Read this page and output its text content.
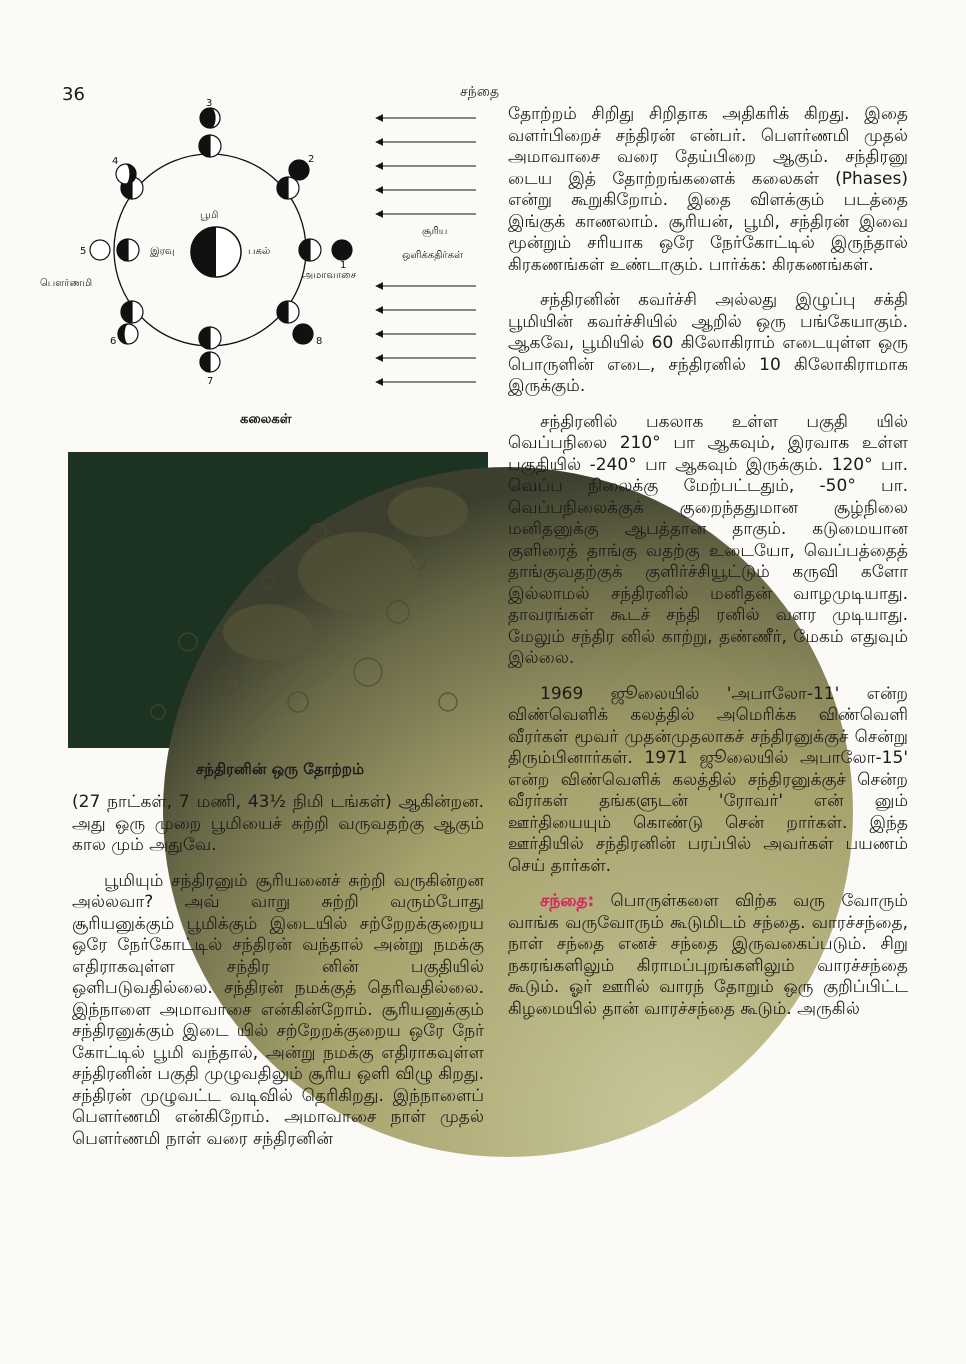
36	சந்தை
1
2
3
4
5
6
7
8
பூமி
இரவு	பகல்
பௌர்ணமி
அமாவாசை
சூரிய
ஒளிக்கதிர்கள்
கலைகள்
சந்திரனின் ஒரு தோற்றம்

(27 நாட்கள், 7 மணி, 43½ நிமி டங்கள்) ஆகின்றன. அது ஒரு முறை பூமியைச் சுற்றி வருவதற்கு ஆகும் கால மும் அதுவே.

பூமியும் சந்திரனும் சூரியனைச் சுற்றி வருகின்றன அல்லவா? அவ் வாறு சுற்றி வரும்போது சூரியனுக்கும் பூமிக்கும் இடையில் சற்றேறக்குறைய ஒரே நேர்கோட்டில் சந்திரன் வந்தால் அன்று நமக்கு எதிராகவுள்ள சந்திர னின் பகுதியில் ஒளிபடுவதில்லை. சந்திரன் நமக்குத் தெரிவதில்லை. இந்நாளை அமாவாசை என்கின்றோம். சூரியனுக்கும் சந்திரனுக்கும் இடை யில் சற்றேறக்குறைய ஒரே நேர் கோட்டில் பூமி வந்தால், அன்று நமக்கு எதிராகவுள்ள சந்திரனின் பகுதி முழுவதிலும் சூரிய ஒளி விழு கிறது. சந்திரன் முழுவட்ட வடிவில் தெரிகிறது. இந்நாளைப் பௌர்ணமி என்கிறோம். அமாவாசை நாள் முதல் பௌர்ணமி நாள் வரை சந்திரனின்

தோற்றம் சிறிது சிறிதாக அதிகரிக் கிறது. இதை வளர்பிறைச் சந்திரன் என்பர். பௌர்ணமி முதல் அமாவாசை வரை தேய்பிறை ஆகும். சந்திரனு டைய இத் தோற்றங்களைக் கலைகள் (Phases) என்று கூறுகிறோம். இதை விளக்கும் படத்தை இங்குக் காணலாம். சூரியன், பூமி, சந்திரன் இவை மூன்றும் சரியாக ஒரே நேர்கோட்டில் இருந்தால் கிரகணங்கள் உண்டாகும். பார்க்க: கிரகணங்கள்.

சந்திரனின் கவர்ச்சி அல்லது இழுப்பு சக்தி பூமியின் கவர்ச்சியில் ஆறில் ஒரு பங்கேயாகும். ஆகவே, பூமியில் 60 கிலோகிராம் எடையுள்ள ஒரு பொருளின் எடை, சந்திரனில் 10 கிலோகிராமாக இருக்கும்.

சந்திரனில் பகலாக உள்ள பகுதி யில் வெப்பநிலை 210° பா ஆகவும், இரவாக உள்ள பகுதியில் -240° பா ஆகவும் இருக்கும். 120° பா. வெப்ப நிலைக்கு மேற்பட்டதும், -50° பா. வெப்பநிலைக்குக் குறைந்ததுமான சூழ்நிலை மனிதனுக்கு ஆபத்தான தாகும். கடுமையான குளிரைத் தாங்கு வதற்கு உடையோ, வெப்பத்தைத் தாங்குவதற்குக் குளிர்ச்சியூட்டும் கருவி களோ இல்லாமல் சந்திரனில் மனிதன் வாழமுடியாது. தாவரங்கள் கூடச் சந்தி ரனில் வளர முடியாது. மேலும் சந்திர னில் காற்று, தண்ணீர், மேகம் எதுவும் இல்லை.

1969 ஜூலையில் 'அபாலோ-11' என்ற விண்வெளிக் கலத்தில் அமெரிக்க விண்வெளி வீரர்கள் மூவர் முதன்முதலாகச் சந்திரனுக்குச் சென்று திரும்பினார்கள். 1971 ஜூலையில் அபாலோ-15' என்ற விண்வெளிக் கலத்தில் சந்திரனுக்குச் சென்ற வீரர்கள் தங்களுடன் 'ரோவர்' என் னும் ஊர்தியையும் கொண்டு சென் றார்கள். இந்த ஊர்தியில் சந்திரனின் பரப்பில் அவர்கள் பயணம் செய் தார்கள்.

சந்தை: பொருள்களை விற்க வரு வோரும் வாங்க வருவோரும் கூடுமிடம் சந்தை. வாரச்சந்தை, நாள் சந்தை எனச் சந்தை இருவகைப்படும். சிறு நகரங்களிலும் கிராமப்புறங்களிலும் வாரச்சந்தை கூடும். ஓர் ஊரில் வாரந் தோறும் ஒரு குறிப்பிட்ட கிழமையில் தான் வாரச்சந்தை கூடும். அருகில்
